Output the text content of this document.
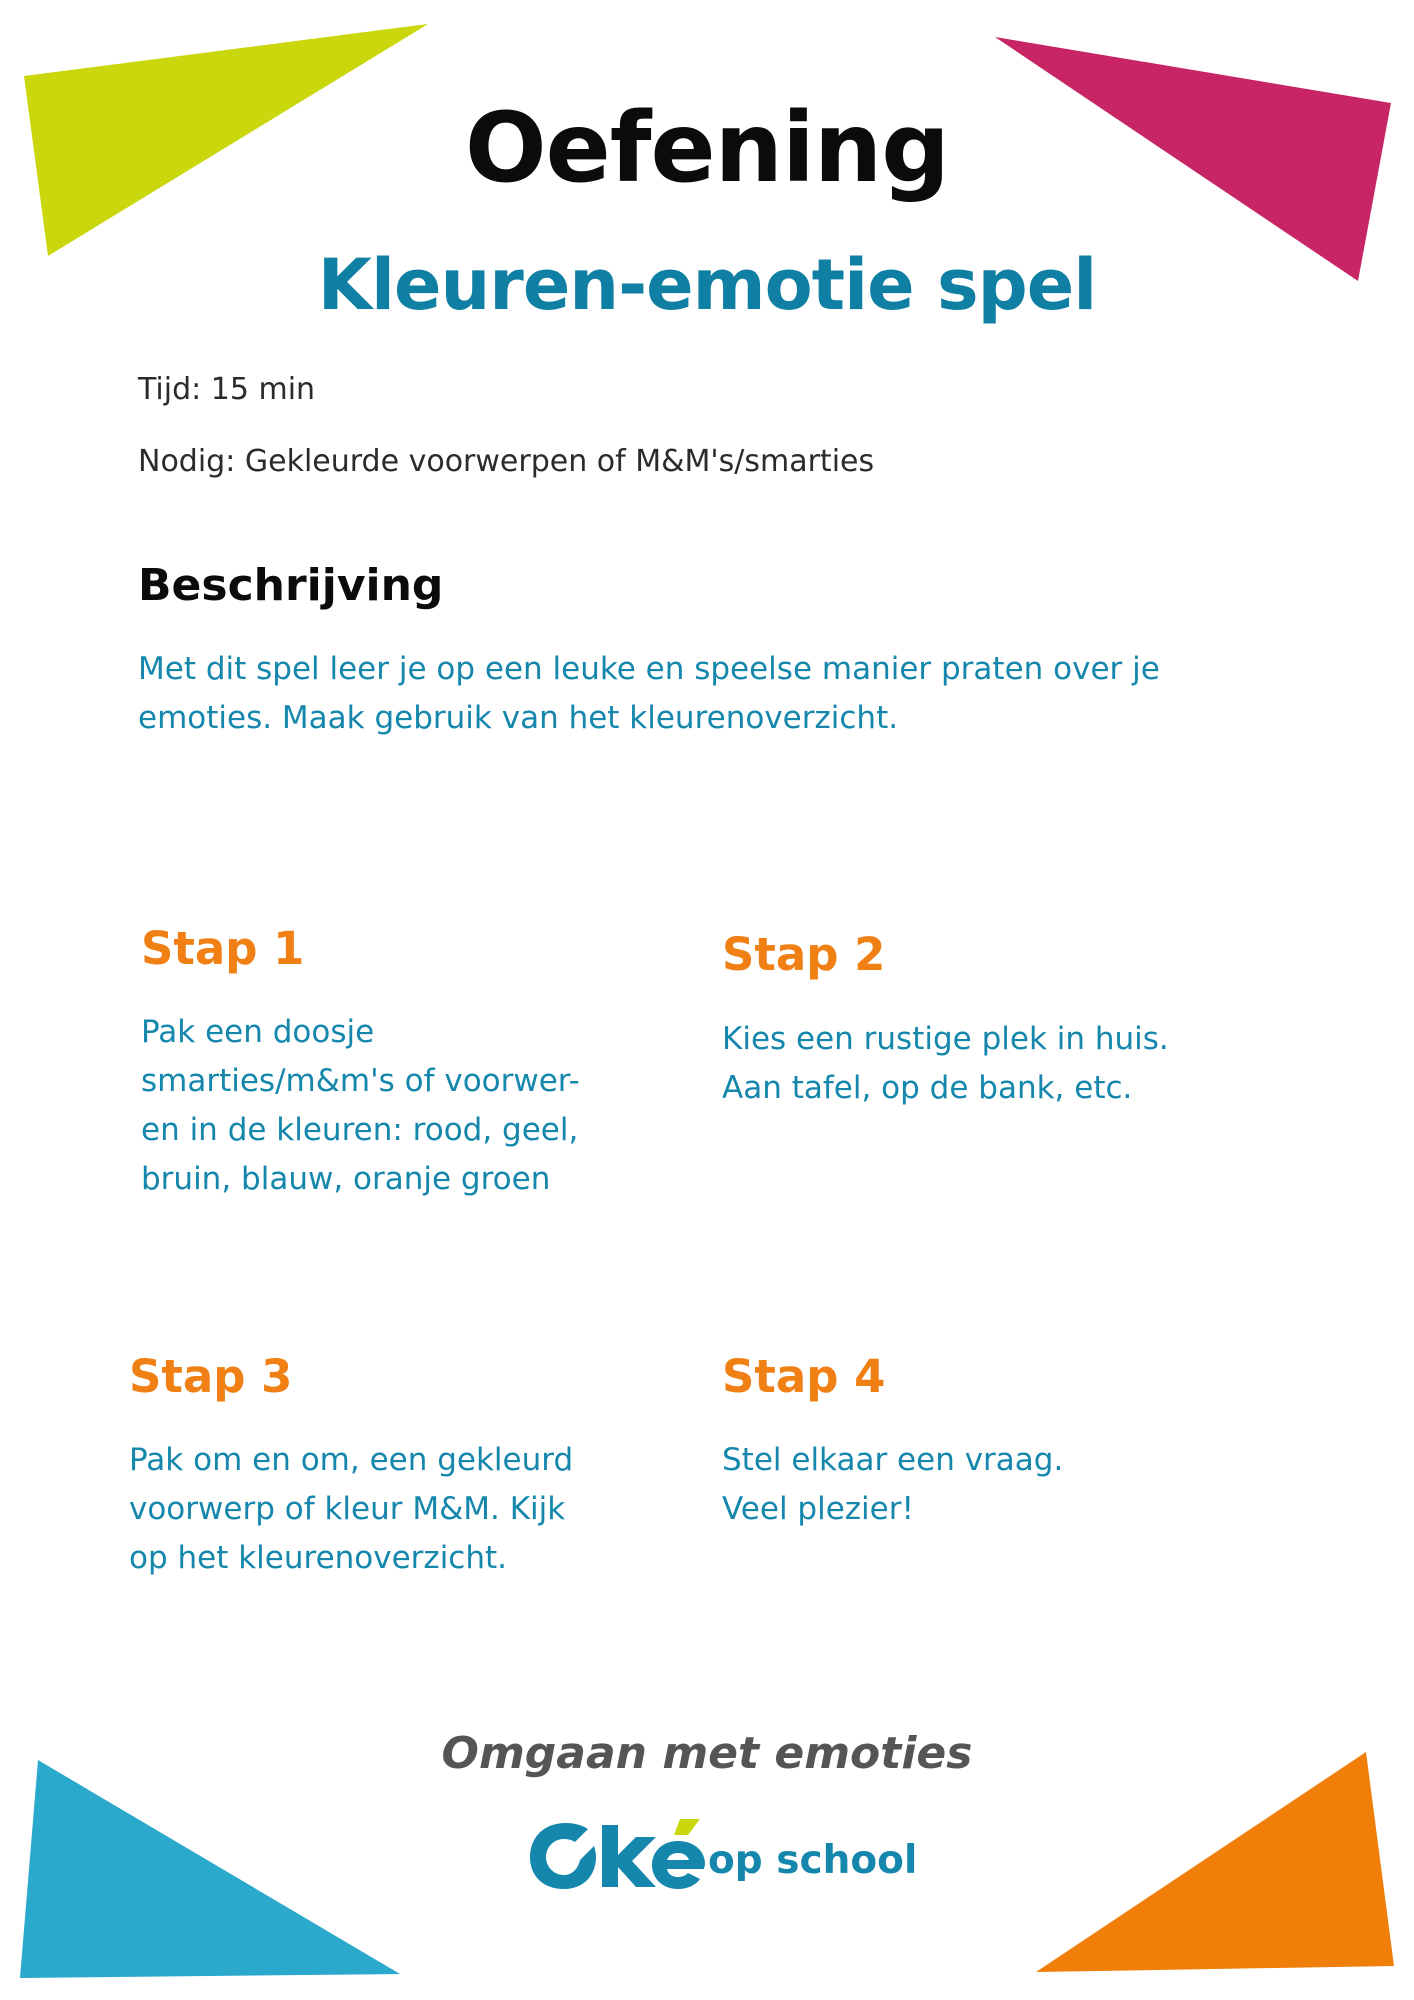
Oefening
Kleuren-emotie spel
Tijd: 15 min
Nodig: Gekleurde voorwerpen of M&M's/smarties
Beschrijving

Met dit spel leer je op een leuke en speelse manier praten over je emoties. Maak gebruik van het kleurenoverzicht.

Stap 1
Pak een doosje
smarties/m&m's of voorwer-
en in de kleuren: rood, geel,
bruin, blauw, oranje groen
Stap 2
Kies een rustige plek in huis.
Aan tafel, op de bank, etc.
Stap 3
Pak om en om, een gekleurd
voorwerp of kleur M&M. Kijk
op het kleurenoverzicht.
Stap 4
Stel elkaar een vraag.
Veel plezier!
Omgaan met emoties
op school
